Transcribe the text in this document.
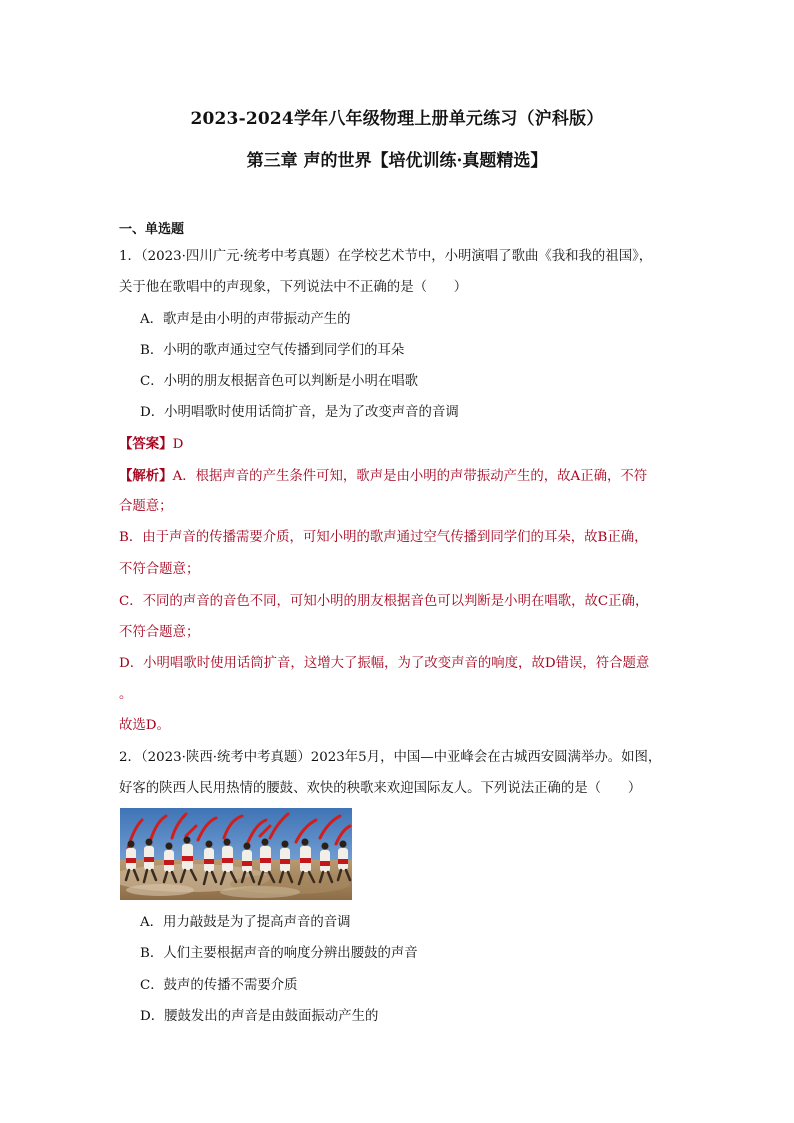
2023-2024学年八年级物理上册单元练习（沪科版）
第三章 声的世界【培优训练·真题精选】
一、单选题
1．（2023·四川广元·统考中考真题）在学校艺术节中，小明演唱了歌曲《我和我的祖国》，
关于他在歌唱中的声现象，下列说法中不正确的是（　　）
A．歌声是由小明的声带振动产生的
B．小明的歌声通过空气传播到同学们的耳朵
C．小明的朋友根据音色可以判断是小明在唱歌
D．小明唱歌时使用话筒扩音，是为了改变声音的音调
【答案】D
【解析】A．根据声音的产生条件可知，歌声是由小明的声带振动产生的，故A正确，不符
合题意；
B．由于声音的传播需要介质，可知小明的歌声通过空气传播到同学们的耳朵，故B正确，
不符合题意；
C．不同的声音的音色不同，可知小明的朋友根据音色可以判断是小明在唱歌，故C正确，
不符合题意；
D．小明唱歌时使用话筒扩音，这增大了振幅，为了改变声音的响度，故D错误，符合题意
。
故选D。
2．（2023·陕西·统考中考真题）2023年5月，中国—中亚峰会在古城西安圆满举办。如图，
好客的陕西人民用热情的腰鼓、欢快的秧歌来欢迎国际友人。下列说法正确的是（　　）
A．用力敲鼓是为了提高声音的音调
B．人们主要根据声音的响度分辨出腰鼓的声音
C．鼓声的传播不需要介质
D．腰鼓发出的声音是由鼓面振动产生的
